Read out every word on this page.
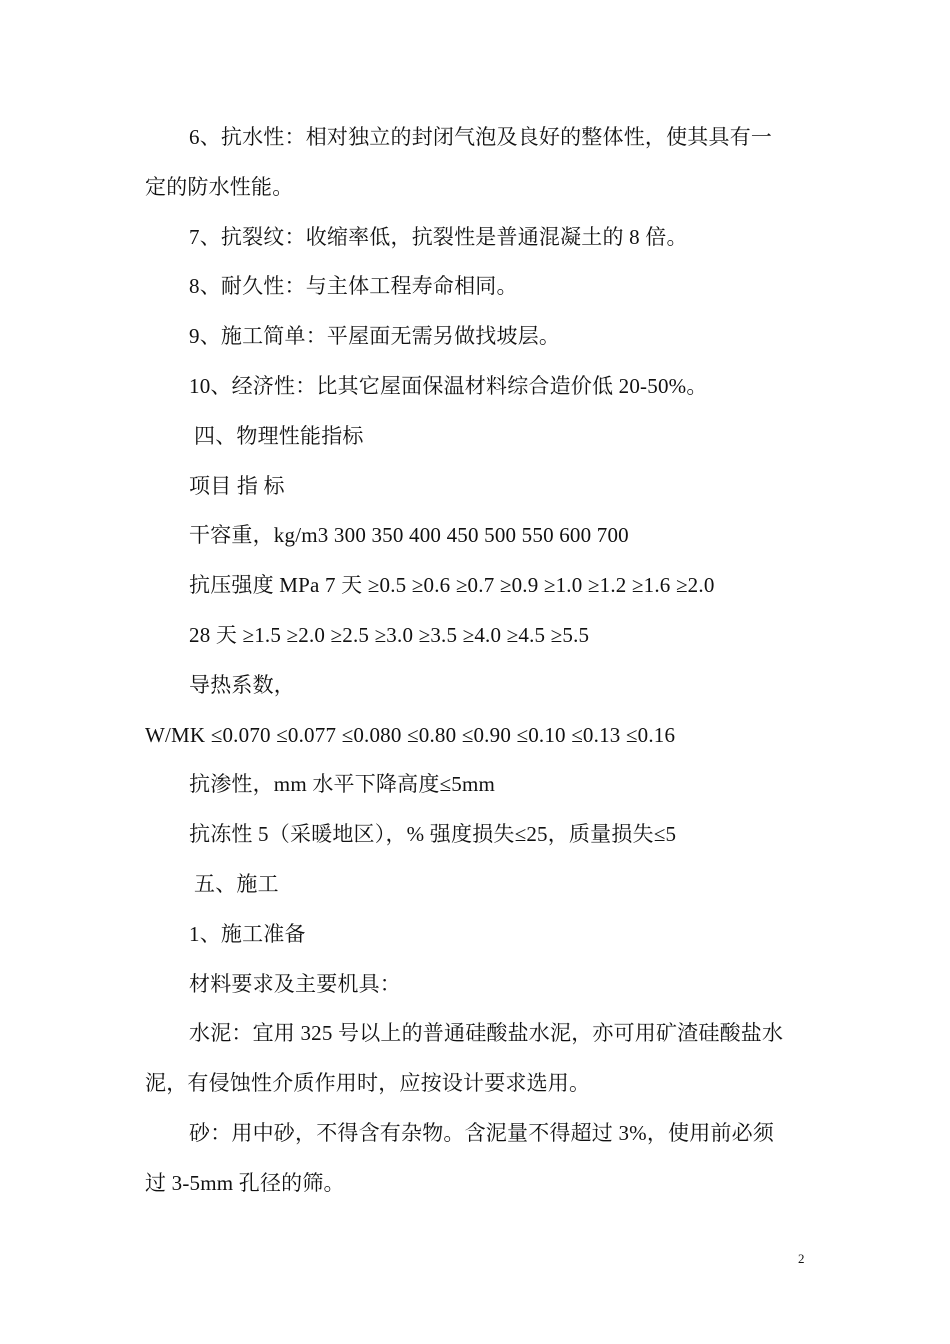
6、抗水性：相对独立的封闭气泡及良好的整体性，使其具有一
定的防水性能。
7、抗裂纹：收缩率低，抗裂性是普通混凝土的 8 倍。
8、耐久性：与主体工程寿命相同。
9、施工简单：平屋面无需另做找坡层。
10、经济性：比其它屋面保温材料综合造价低 20-50%。
四、物理性能指标
项目 指 标
干容重，kg/m3 300 350 400 450 500 550 600 700
抗压强度 MPa 7 天 ≥0.5 ≥0.6 ≥0.7 ≥0.9 ≥1.0 ≥1.2 ≥1.6 ≥2.0
28 天 ≥1.5 ≥2.0 ≥2.5 ≥3.0 ≥3.5 ≥4.0 ≥4.5 ≥5.5
导热系数，
W/MK ≤0.070 ≤0.077 ≤0.080 ≤0.80 ≤0.90 ≤0.10 ≤0.13 ≤0.16
抗渗性，mm 水平下降高度≤5mm
抗冻性 5（采暖地区），% 强度损失≤25，质量损失≤5
五、施工
1、施工准备
材料要求及主要机具：
水泥：宜用 325 号以上的普通硅酸盐水泥，亦可用矿渣硅酸盐水
泥，有侵蚀性介质作用时，应按设计要求选用。
砂：用中砂，不得含有杂物。含泥量不得超过 3%，使用前必须
过 3-5mm 孔径的筛。
2
